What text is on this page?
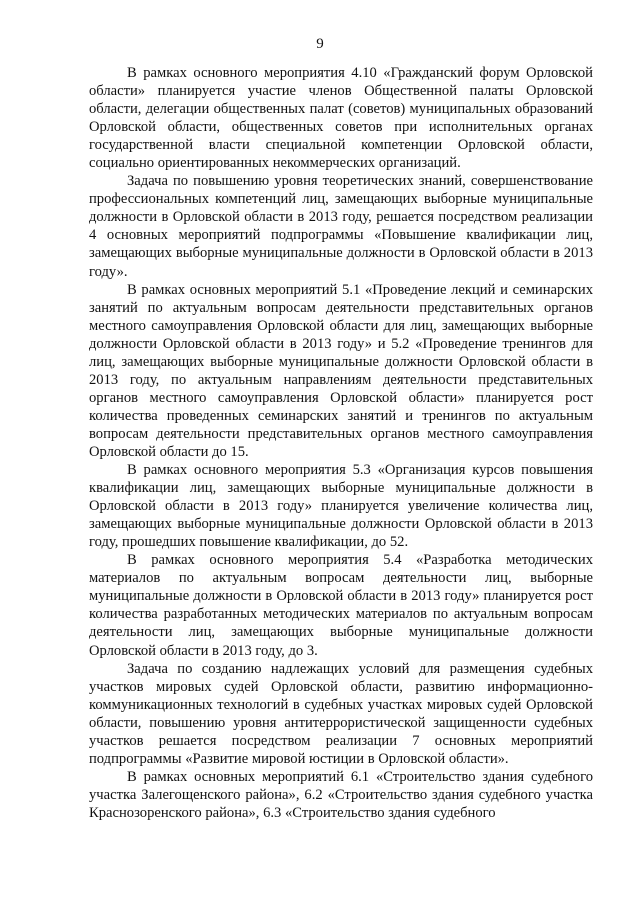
9

В рамках основного мероприятия 4.10 «Гражданский форум Орловской области» планируется участие членов Общественной палаты Орловской области, делегации общественных палат (советов) муниципальных образований Орловской области, общественных советов при исполнительных органах государственной власти специальной компетенции Орловской области, социально ориентированных некоммерческих организаций.

Задача по повышению уровня теоретических знаний, совершенствование профессиональных компетенций лиц, замещающих выборные муниципальные должности в Орловской области в 2013 году, решается посредством реализации 4 основных мероприятий подпрограммы «Повышение квалификации лиц, замещающих выборные муниципальные должности в Орловской области в 2013 году».

В рамках основных мероприятий 5.1 «Проведение лекций и семинарских занятий по актуальным вопросам деятельности представительных органов местного самоуправления Орловской области для лиц, замещающих выборные должности Орловской области в 2013 году» и 5.2 «Проведение тренингов для лиц, замещающих выборные муниципальные должности Орловской области в 2013 году, по актуальным направлениям деятельности представительных органов местного самоуправления Орловской области» планируется рост количества проведенных семинарских занятий и тренингов по актуальным вопросам деятельности представительных органов местного самоуправления Орловской области до 15.

В рамках основного мероприятия 5.3 «Организация курсов повышения квалификации лиц, замещающих выборные муниципальные должности в Орловской области в 2013 году» планируется увеличение количества лиц, замещающих выборные муниципальные должности Орловской области в 2013 году, прошедших повышение квалификации, до 52.

В рамках основного мероприятия 5.4 «Разработка методических материалов по актуальным вопросам деятельности лиц, выборные муниципальные должности в Орловской области в 2013 году» планируется рост количества разработанных методических материалов по актуальным вопросам деятельности лиц, замещающих выборные муниципальные должности Орловской области в 2013 году, до 3.

Задача по созданию надлежащих условий для размещения судебных участков мировых судей Орловской области, развитию информационно-коммуникационных технологий в судебных участках мировых судей Орловской области, повышению уровня антитеррористической защищенности судебных участков решается посредством реализации 7 основных мероприятий подпрограммы «Развитие мировой юстиции в Орловской области».

В рамках основных мероприятий 6.1 «Строительство здания судебного участка Залегощенского района», 6.2 «Строительство здания судебного участка Краснозоренского района», 6.3 «Строительство здания судебного
